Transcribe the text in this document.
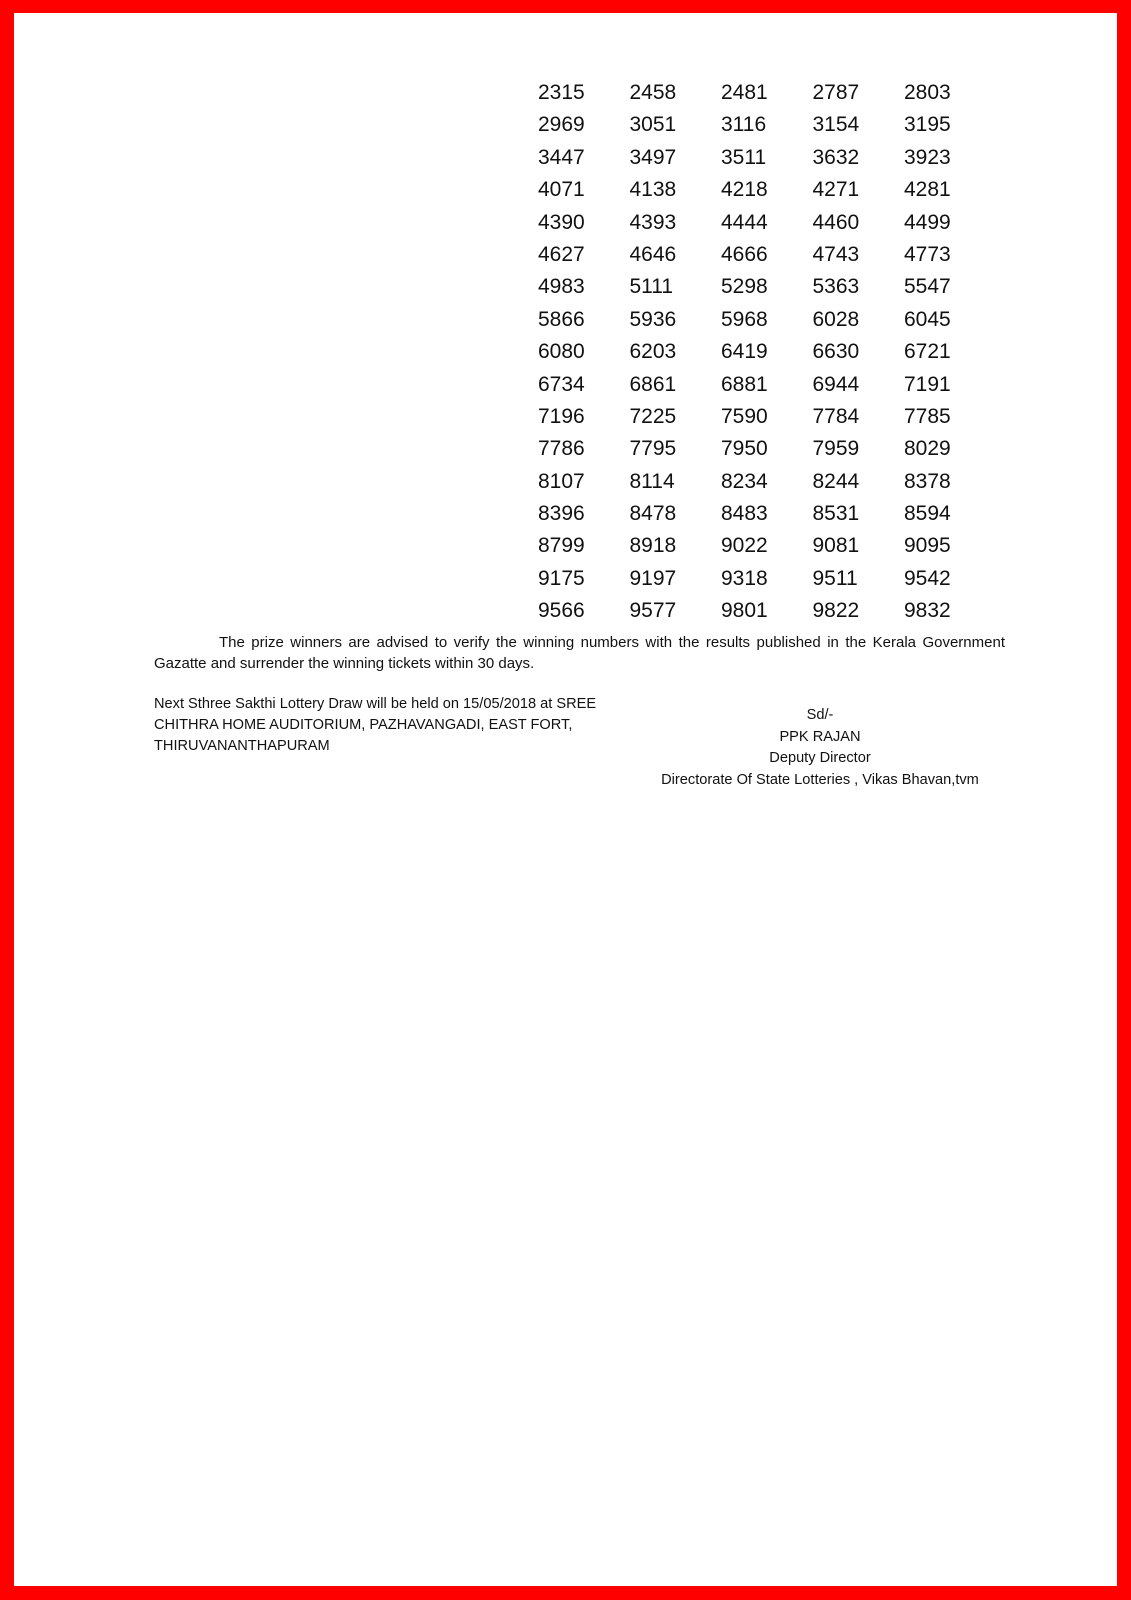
2315	2458	2481	2787	2803
2969	3051	3116	3154	3195
3447	3497	3511	3632	3923
4071	4138	4218	4271	4281
4390	4393	4444	4460	4499
4627	4646	4666	4743	4773
4983	5111	5298	5363	5547
5866	5936	5968	6028	6045
6080	6203	6419	6630	6721
6734	6861	6881	6944	7191
7196	7225	7590	7784	7785
7786	7795	7950	7959	8029
8107	8114	8234	8244	8378
8396	8478	8483	8531	8594
8799	8918	9022	9081	9095
9175	9197	9318	9511	9542
9566	9577	9801	9822	9832
The prize winners are advised to verify the winning numbers with the results published in the Kerala Government
Gazatte and surrender the winning tickets within 30 days.
Next Sthree Sakthi Lottery Draw will be held on 15/05/2018 at SREE
CHITHRA HOME AUDITORIUM, PAZHAVANGADI, EAST FORT,
THIRUVANANTHAPURAM
Sd/-
PPK RAJAN
Deputy Director
Directorate Of State Lotteries , Vikas Bhavan,tvm
